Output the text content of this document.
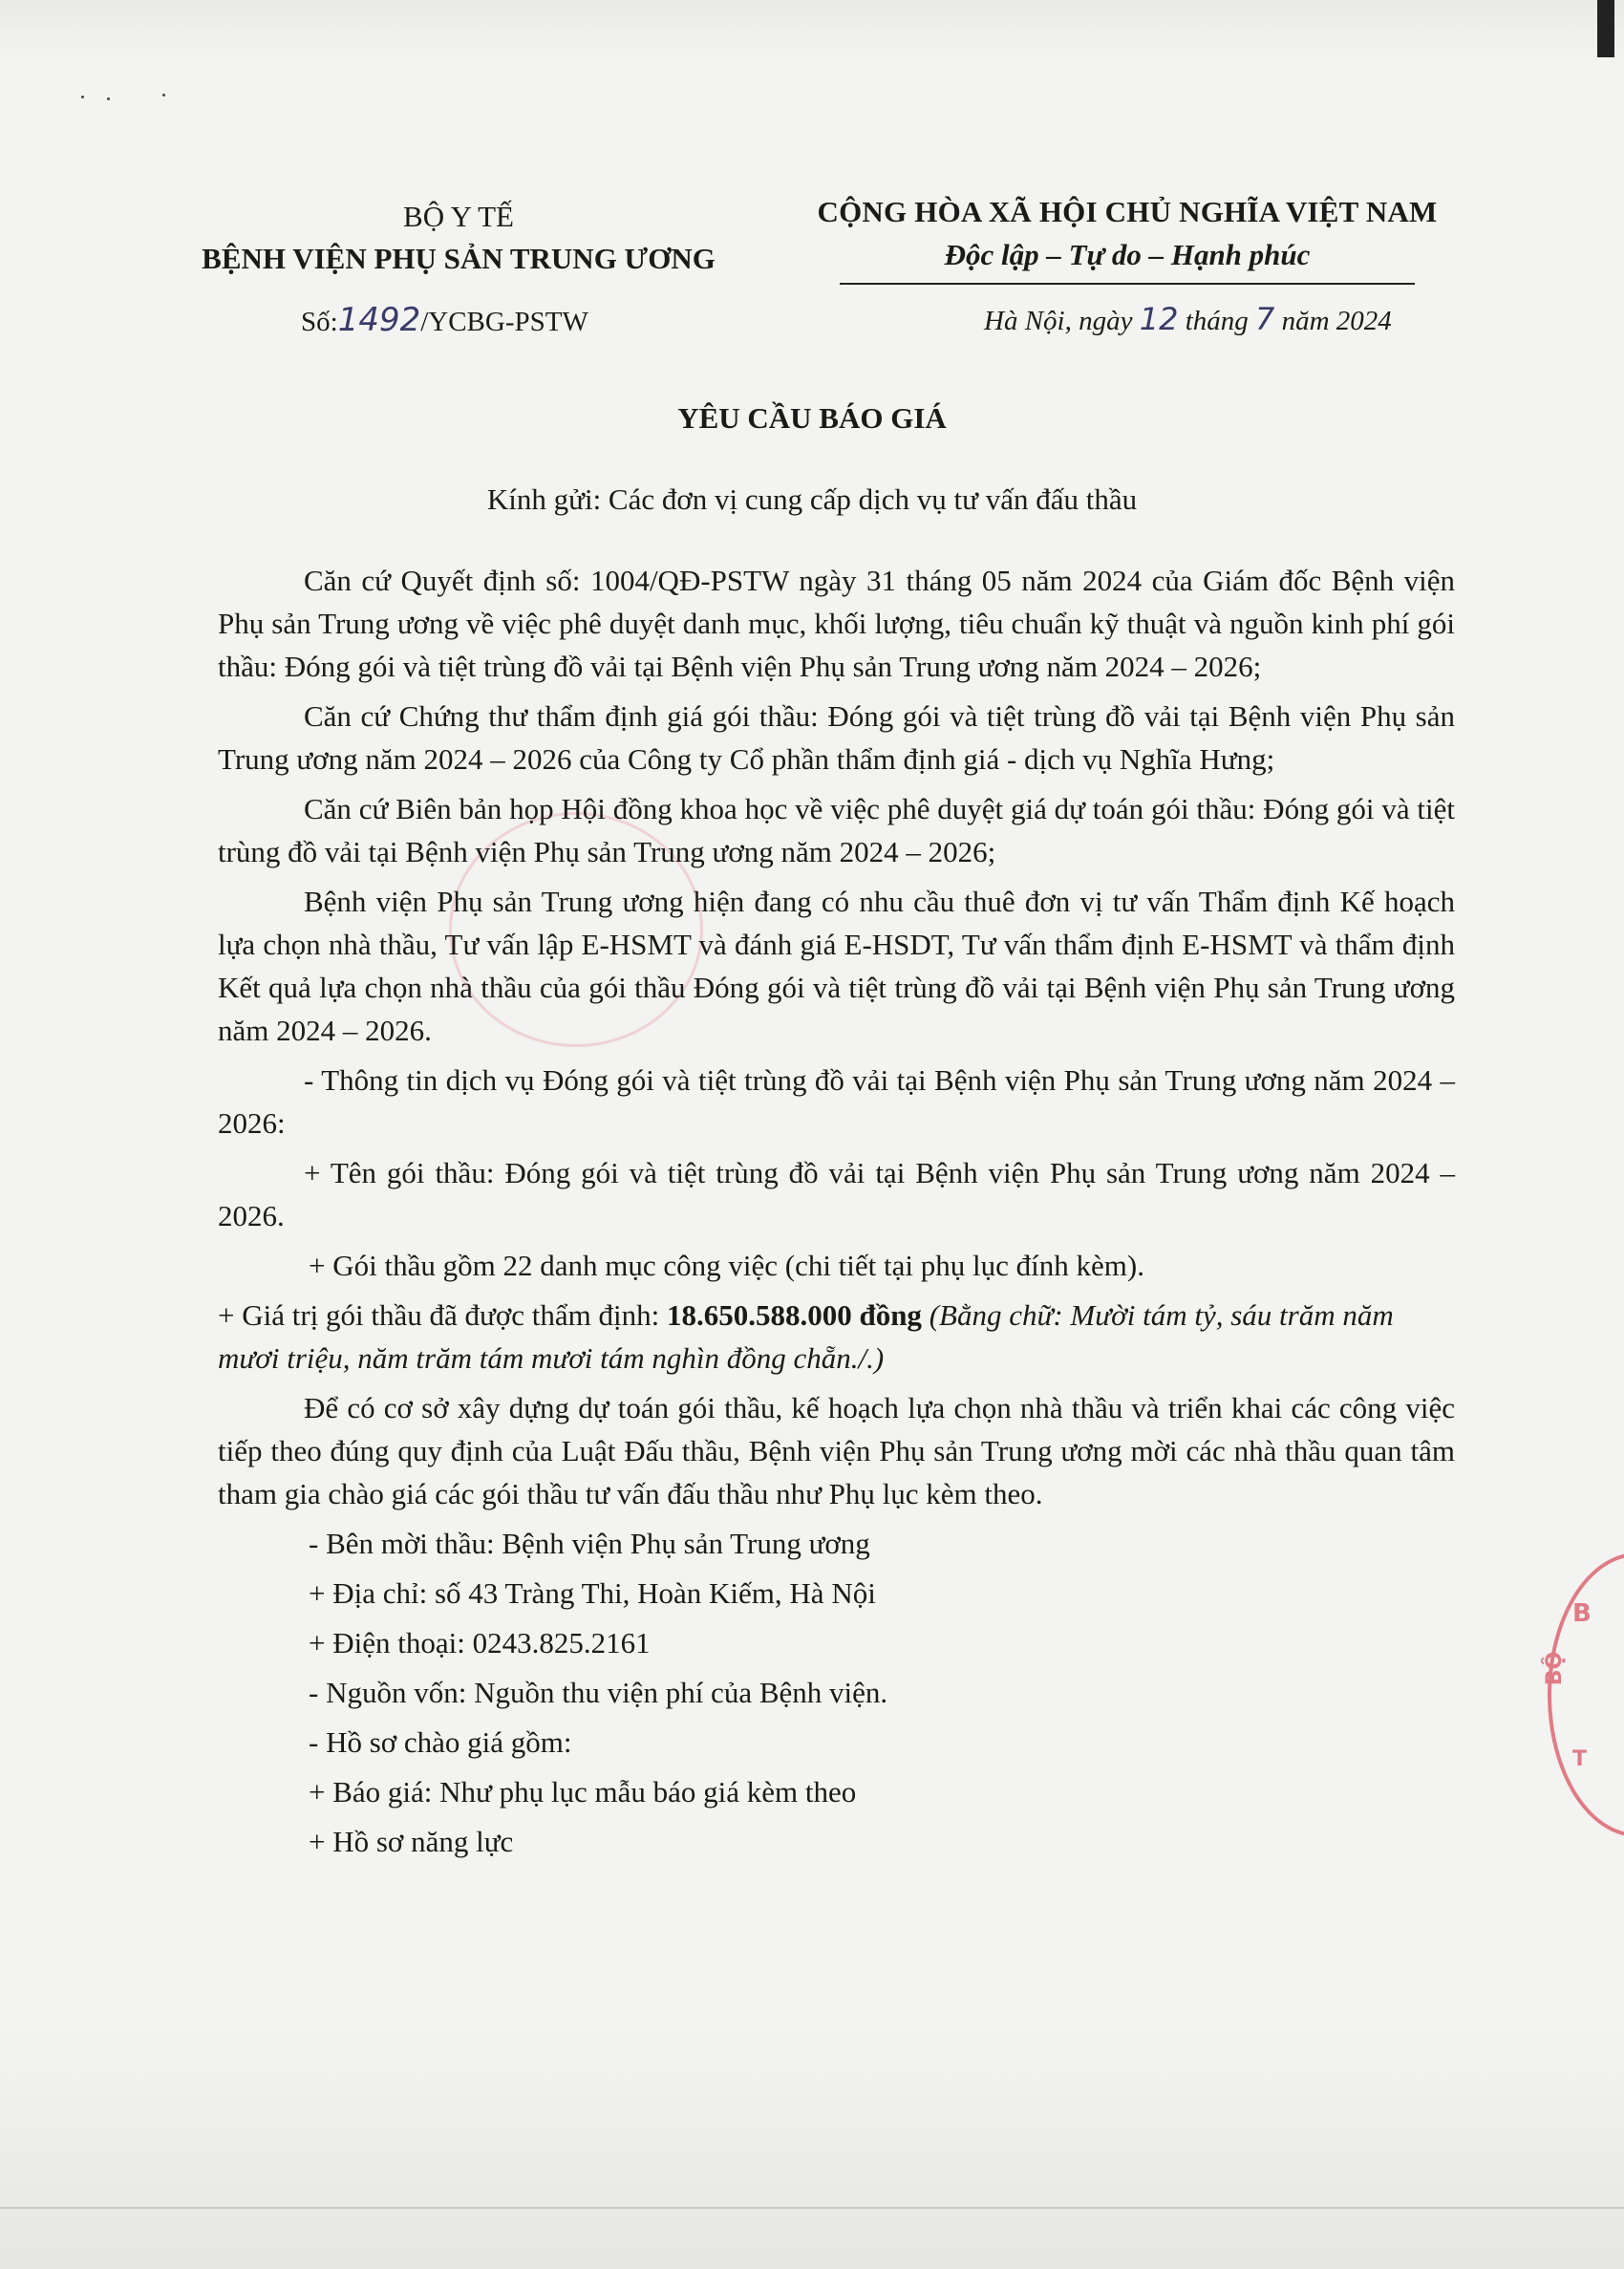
BỘ Y TẾ
BỆNH VIỆN PHỤ SẢN TRUNG ƯƠNG
CỘNG HÒA XÃ HỘI CHỦ NGHĨA VIỆT NAM
Độc lập – Tự do – Hạnh phúc
Số:1492/YCBG-PSTW	Hà Nội, ngày 12 tháng 7 năm 2024
YÊU CẦU BÁO GIÁ
Kính gửi: Các đơn vị cung cấp dịch vụ tư vấn đấu thầu

Căn cứ Quyết định số: 1004/QĐ-PSTW ngày 31 tháng 05 năm 2024 của Giám đốc Bệnh viện Phụ sản Trung ương về việc phê duyệt danh mục, khối lượng, tiêu chuẩn kỹ thuật và nguồn kinh phí gói thầu: Đóng gói và tiệt trùng đồ vải tại Bệnh viện Phụ sản Trung ương năm 2024 – 2026;

Căn cứ Chứng thư thẩm định giá gói thầu: Đóng gói và tiệt trùng đồ vải tại Bệnh viện Phụ sản Trung ương năm 2024 – 2026 của Công ty Cổ phần thẩm định giá - dịch vụ Nghĩa Hưng;

Căn cứ Biên bản họp Hội đồng khoa học về việc phê duyệt giá dự toán gói thầu: Đóng gói và tiệt trùng đồ vải tại Bệnh viện Phụ sản Trung ương năm 2024 – 2026;

Bệnh viện Phụ sản Trung ương hiện đang có nhu cầu thuê đơn vị tư vấn Thẩm định Kế hoạch lựa chọn nhà thầu, Tư vấn lập E-HSMT và đánh giá E-HSDT, Tư vấn thẩm định E-HSMT và thẩm định Kết quả lựa chọn nhà thầu của gói thầu Đóng gói và tiệt trùng đồ vải tại Bệnh viện Phụ sản Trung ương năm 2024 – 2026.

- Thông tin dịch vụ Đóng gói và tiệt trùng đồ vải tại Bệnh viện Phụ sản Trung ương năm 2024 – 2026:

+ Tên gói thầu: Đóng gói và tiệt trùng đồ vải tại Bệnh viện Phụ sản Trung ương năm 2024 – 2026.

+ Gói thầu gồm 22 danh mục công việc (chi tiết tại phụ lục đính kèm).

+ Giá trị gói thầu đã được thẩm định: 18.650.588.000 đồng (Bằng chữ: Mười tám tỷ, sáu trăm năm mươi triệu, năm trăm tám mươi tám nghìn đồng chẵn./.)

Để có cơ sở xây dựng dự toán gói thầu, kế hoạch lựa chọn nhà thầu và triển khai các công việc tiếp theo đúng quy định của Luật Đấu thầu, Bệnh viện Phụ sản Trung ương mời các nhà thầu quan tâm tham gia chào giá các gói thầu tư vấn đấu thầu như Phụ lục kèm theo.

- Bên mời thầu: Bệnh viện Phụ sản Trung ương

+ Địa chỉ: số 43 Tràng Thi, Hoàn Kiếm, Hà Nội

+ Điện thoại: 0243.825.2161

- Nguồn vốn: Nguồn thu viện phí của Bệnh viện.

- Hồ sơ chào giá gồm:

+ Báo giá: Như phụ lục mẫu báo giá kèm theo

+ Hồ sơ năng lực

B
BỘ
T
